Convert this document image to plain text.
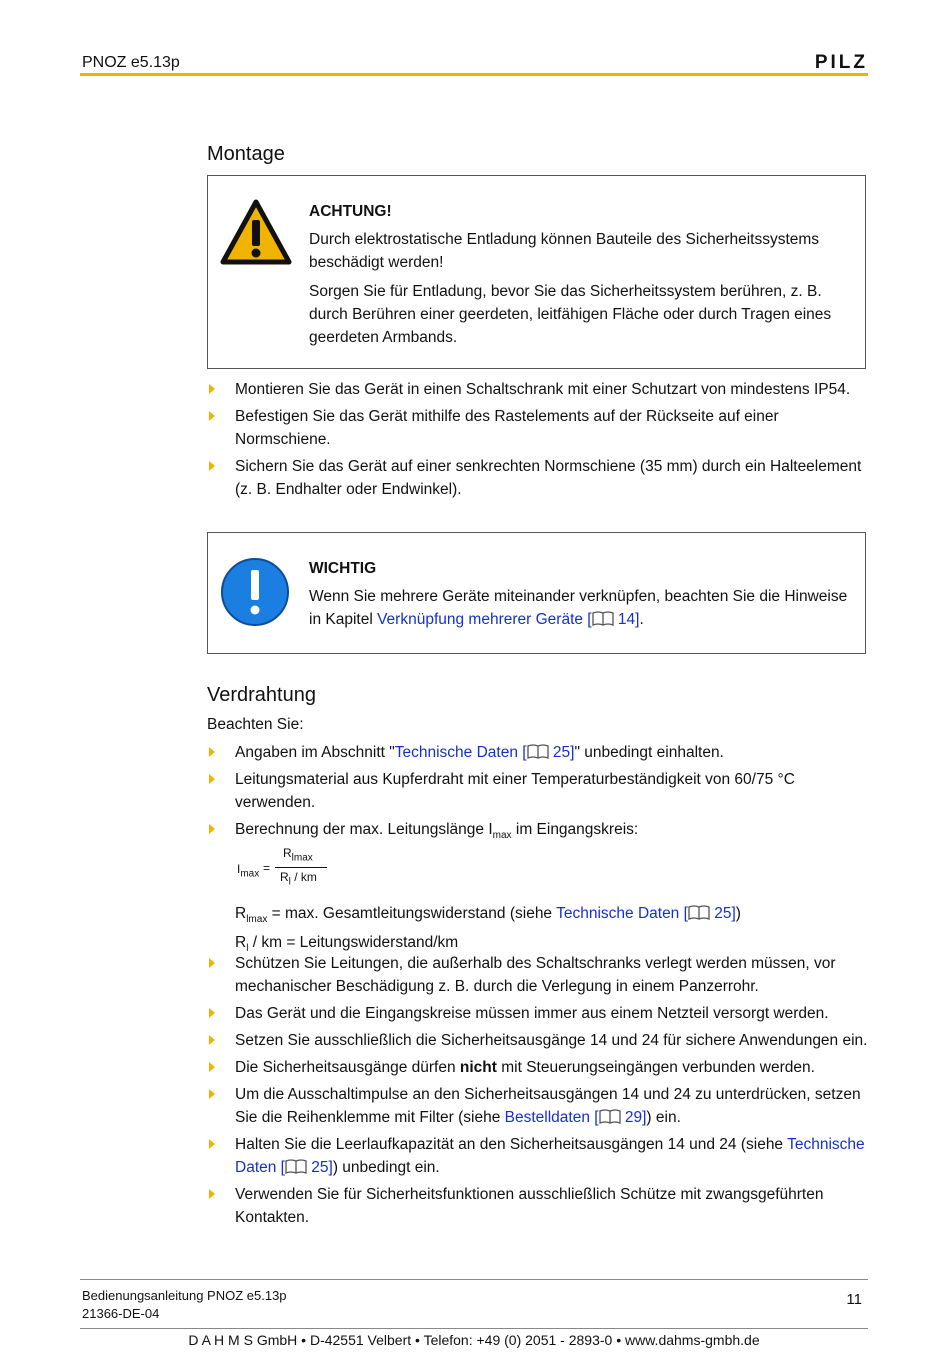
PNOZ e5.13p	PILZ
Montage
ACHTUNG!

Durch elektrostatische Entladung können Bauteile des Sicherheitssystems beschädigt werden!

Sorgen Sie für Entladung, bevor Sie das Sicherheitssystem berühren, z. B. durch Berühren einer geerdeten, leitfähigen Fläche oder durch Tragen eines geerdeten Armbands.

Montieren Sie das Gerät in einen Schaltschrank mit einer Schutzart von mindestens IP54.
Befestigen Sie das Gerät mithilfe des Rastelements auf der Rückseite auf einer Normschiene.
Sichern Sie das Gerät auf einer senkrechten Normschiene (35 mm) durch ein Halteelement (z. B. Endhalter oder Endwinkel).
WICHTIG

Wenn Sie mehrere Geräte miteinander verknüpfen, beachten Sie die Hinweise in Kapitel Verknüpfung mehrerer Geräte [ 14].

Verdrahtung
Beachten Sie:
Angaben im Abschnitt "Technische Daten [ 25]" unbedingt einhalten.
Leitungsmaterial aus Kupferdraht mit einer Temperaturbeständigkeit von 60/75 °C verwenden.
Berechnung der max. Leitungslänge $I_{max}$ im Eingangskreis:
$I_{max}$ =
$R_{lmax}$
$R_l$ / km
$R_{lmax} = \max$. Gesamtleitungswiderstand (siehe Technische Daten [ 25])
$R_l$ / km = Leitungswiderstand/km
Schützen Sie Leitungen, die außerhalb des Schaltschranks verlegt werden müssen, vor mechanischer Beschädigung z. B. durch die Verlegung in einem Panzerrohr.
Das Gerät und die Eingangskreise müssen immer aus einem Netzteil versorgt werden.
Setzen Sie ausschließlich die Sicherheitsausgänge 14 und 24 für sichere Anwendungen ein.
Die Sicherheitsausgänge dürfen nicht mit Steuerungseingängen verbunden werden.
Um die Ausschaltimpulse an den Sicherheitsausgängen 14 und 24 zu unterdrücken, setzen Sie die Reihenklemme mit Filter (siehe Bestelldaten [ 29]) ein.
Halten Sie die Leerlaufkapazität an den Sicherheitsausgängen 14 und 24 (siehe Technische Daten [ 25]) unbedingt ein.
Verwenden Sie für Sicherheitsfunktionen ausschließlich Schütze mit zwangsgeführten Kontakten.
Bedienungsanleitung PNOZ e5.13p
21366-DE-04
11
D A H M S GmbH • D-42551 Velbert • Telefon: +49 (0) 2051 - 2893-0 • www.dahms-gmbh.de
